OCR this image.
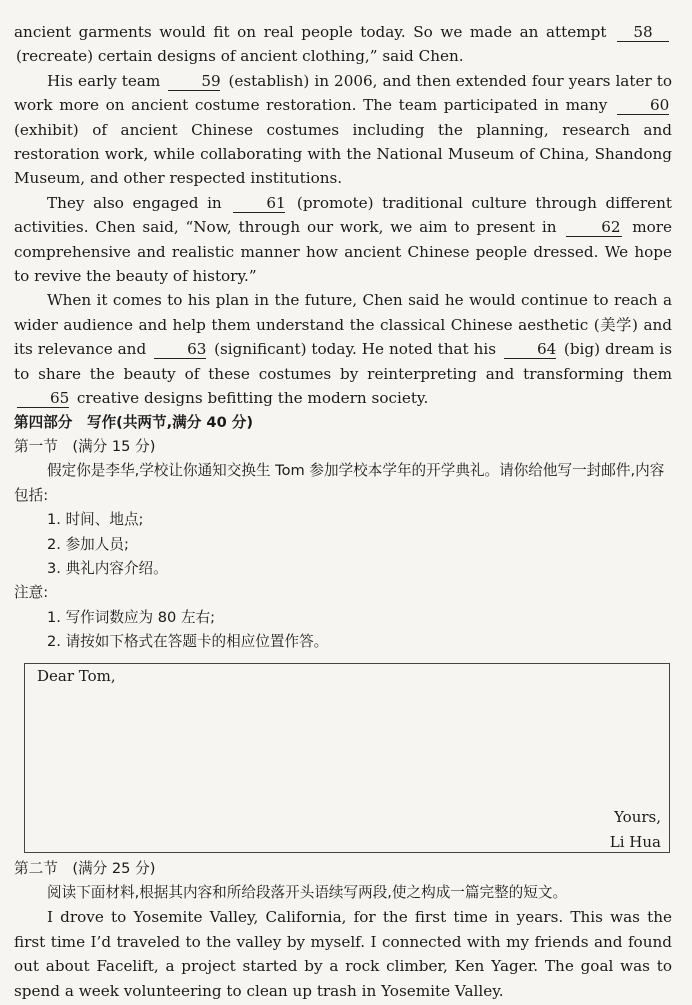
ancient garments would fit on real people today. So we made an attempt 58 (recreate) certain designs of ancient clothing,” said Chen.

His early team	59 (establish) in 2006, and then extended four years later to work more on ancient costume restoration. The team participated in many	60 (exhibit) of ancient Chinese costumes including the planning, research and restoration work, while collaborating with the National Museum of China, Shandong Museum, and other respected institutions.

They also engaged in	61 (promote) traditional culture through different activities. Chen said, “Now, through our work, we aim to present in	62 more comprehensive and realistic manner how ancient Chinese people dressed. We hope to revive the beauty of history.”

When it comes to his plan in the future, Chen said he would continue to reach a wider audience and help them understand the classical Chinese aesthetic (美学) and its relevance and	63 (significant) today. He noted that his	64 (big) dream is to share the beauty of these costumes by reinterpreting and transforming them 65 creative designs befitting the modern society.

第四部分　写作(共两节,满分 40 分)
第一节　(满分 15 分)
假定你是李华,学校让你通知交换生 Tom 参加学校本学年的开学典礼。请你给他写一封邮件,内容包括:
1. 时间、地点;
2. 参加人员;
3. 典礼内容介绍。
注意:
1. 写作词数应为 80 左右;
2. 请按如下格式在答题卡的相应位置作答。
Dear Tom,
Yours,
Li Hua
第二节　(满分 25 分)
阅读下面材料,根据其内容和所给段落开头语续写两段,使之构成一篇完整的短文。

I drove to Yosemite Valley, California, for the first time in years. This was the first time I’d traveled to the valley by myself. I connected with my friends and found out about Facelift, a project started by a rock climber, Ken Yager. The goal was to spend a week volunteering to clean up trash in Yosemite Valley.
